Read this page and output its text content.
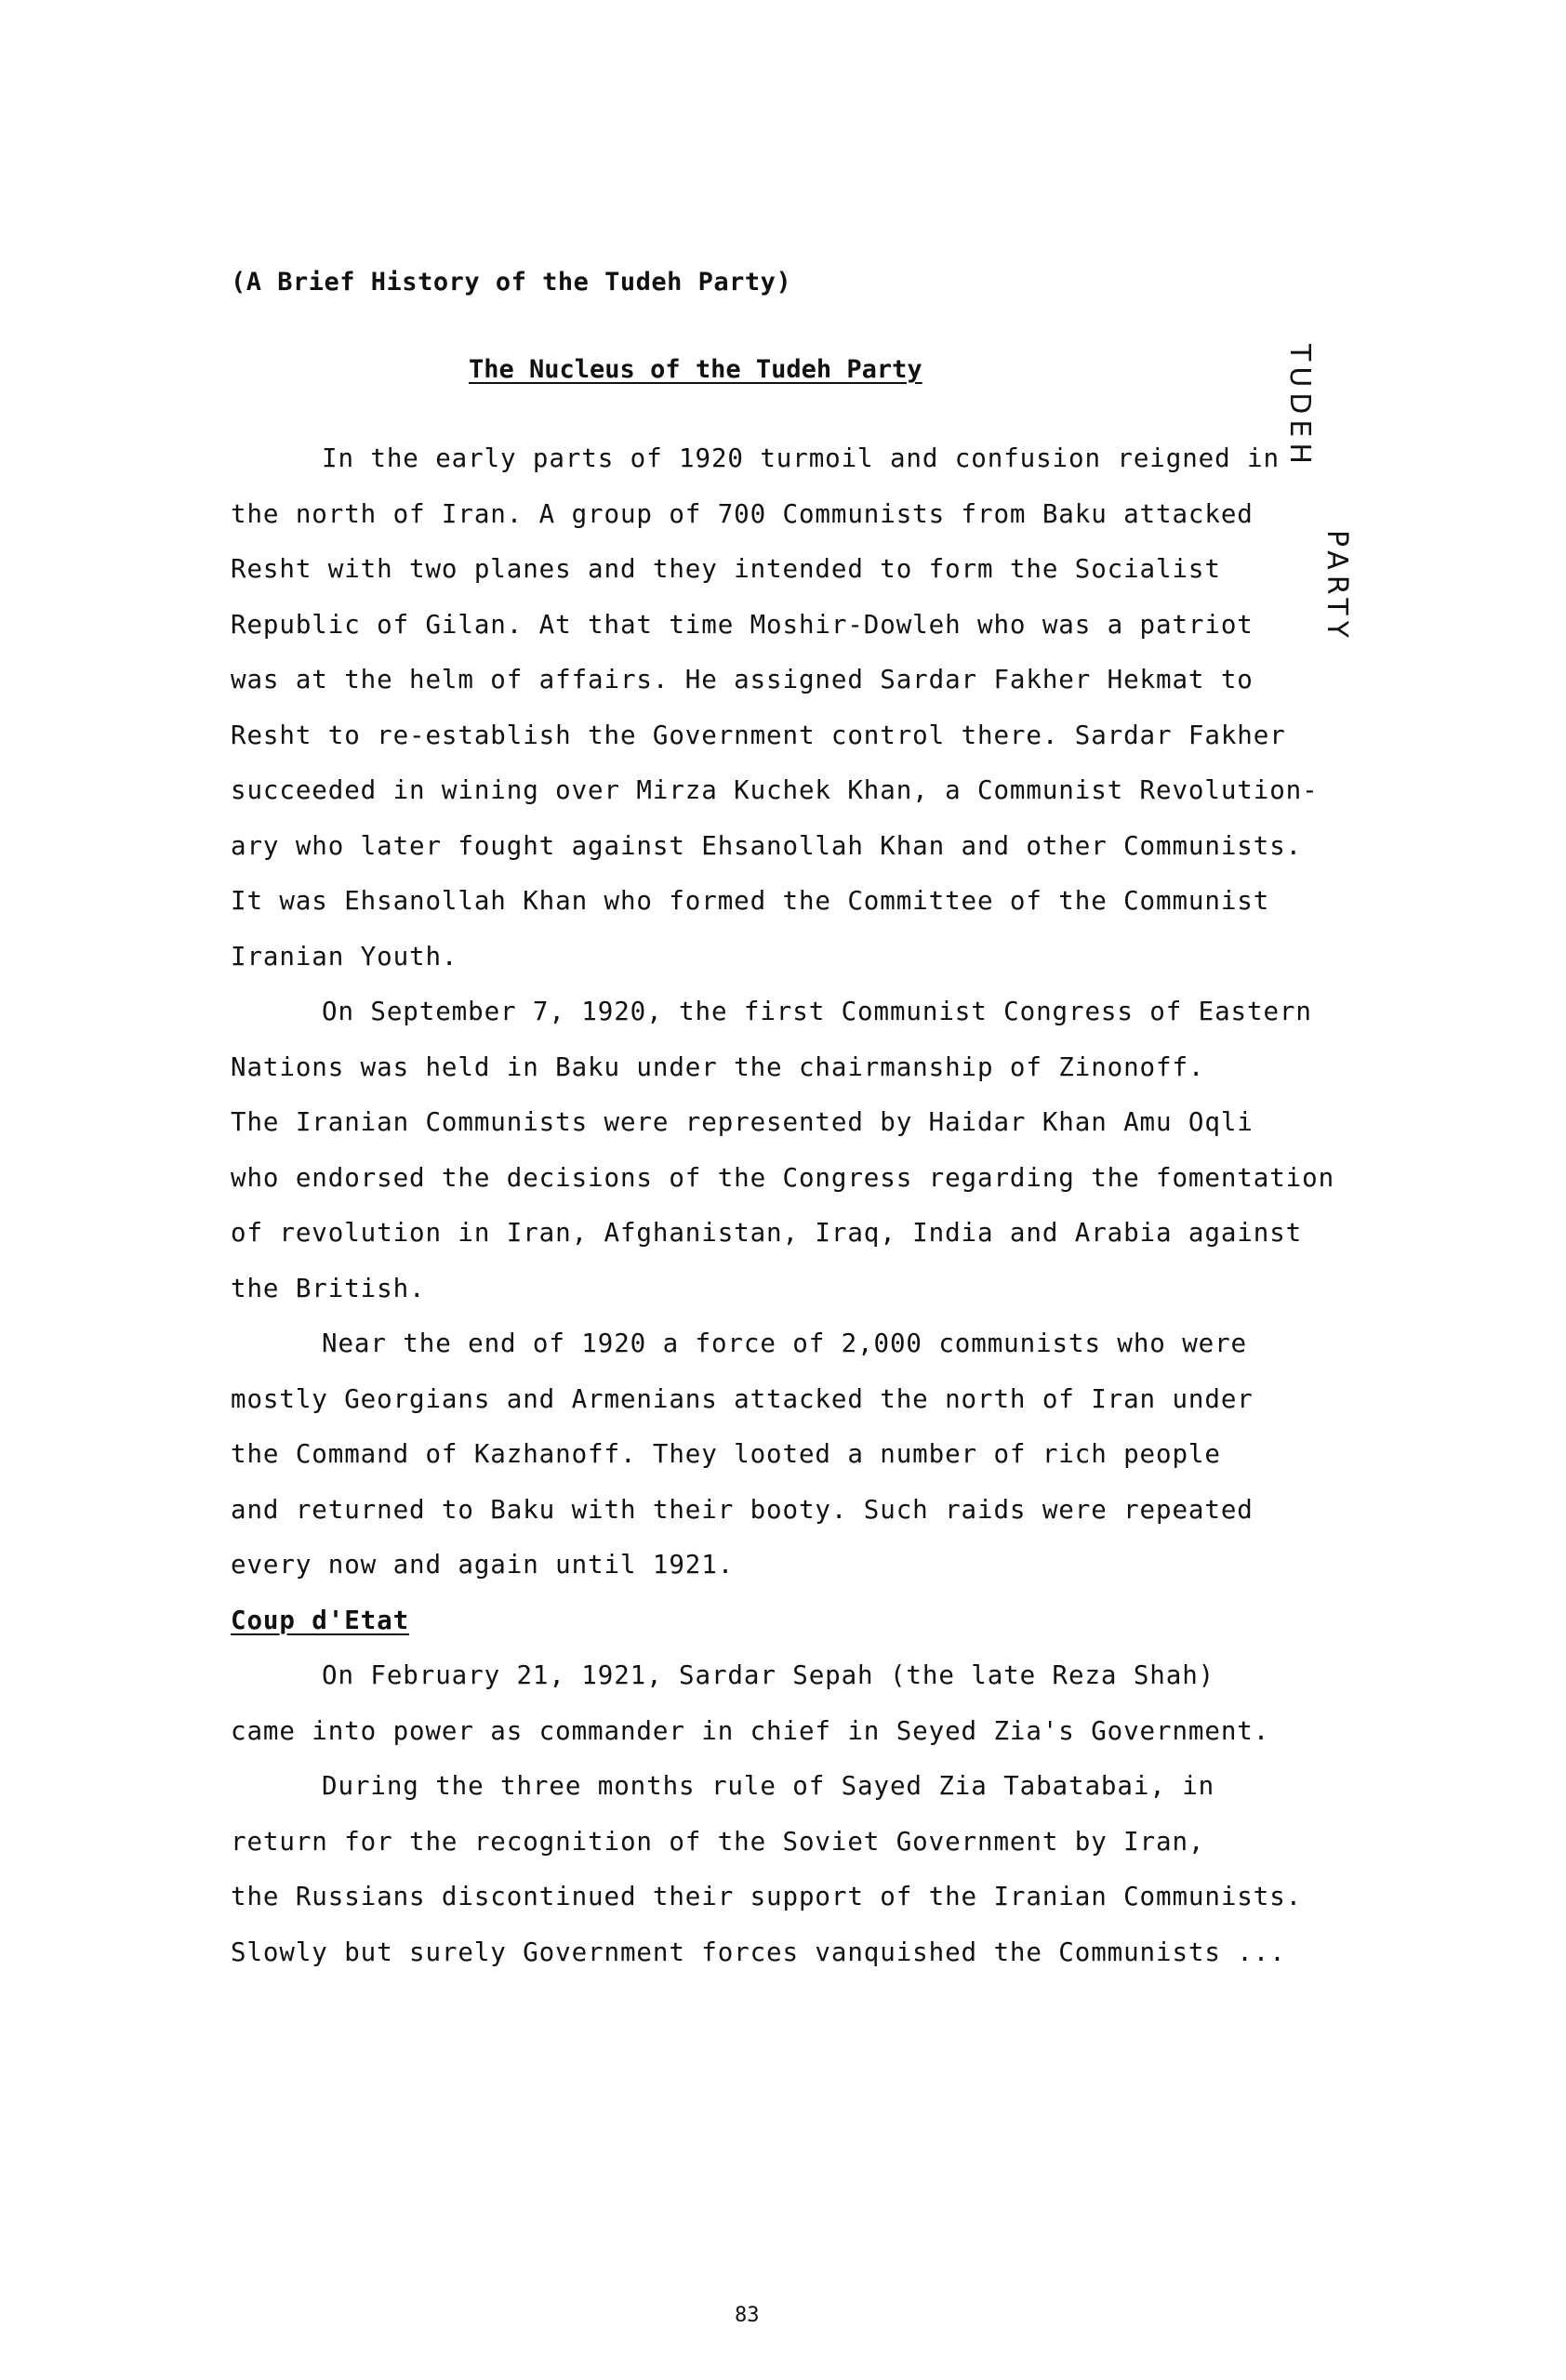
(A Brief History of the Tudeh Party)
The Nucleus of the Tudeh Party	TUDEH
PARTY

In the early parts of 1920 turmoil and confusion reigned in
the north of Iran. A group of 700 Communists from Baku attacked
Resht with two planes and they intended to form the Socialist
Republic of Gilan. At that time Moshir-Dowleh who was a patriot
was at the helm of affairs. He assigned Sardar Fakher Hekmat to
Resht to re-establish the Government control there. Sardar Fakher
succeeded in wining over Mirza Kuchek Khan, a Communist Revolution-
ary who later fought against Ehsanollah Khan and other Communists.
It was Ehsanollah Khan who formed the Committee of the Communist
Iranian Youth.

On September 7, 1920, the first Communist Congress of Eastern
Nations was held in Baku under the chairmanship of Zinonoff.
The Iranian Communists were represented by Haidar Khan Amu Oqli
who endorsed the decisions of the Congress regarding the fomentation
of revolution in Iran, Afghanistan, Iraq, India and Arabia against
the British.

Near the end of 1920 a force of 2,000 communists who were
mostly Georgians and Armenians attacked the north of Iran under
the Command of Kazhanoff. They looted a number of rich people
and returned to Baku with their booty. Such raids were repeated
every now and again until 1921.

Coup d'Etat

On February 21, 1921, Sardar Sepah (the late Reza Shah)
came into power as commander in chief in Seyed Zia's Government.

During the three months rule of Sayed Zia Tabatabai, in
return for the recognition of the Soviet Government by Iran,
the Russians discontinued their support of the Iranian Communists.
Slowly but surely Government forces vanquished the Communists ...

83
